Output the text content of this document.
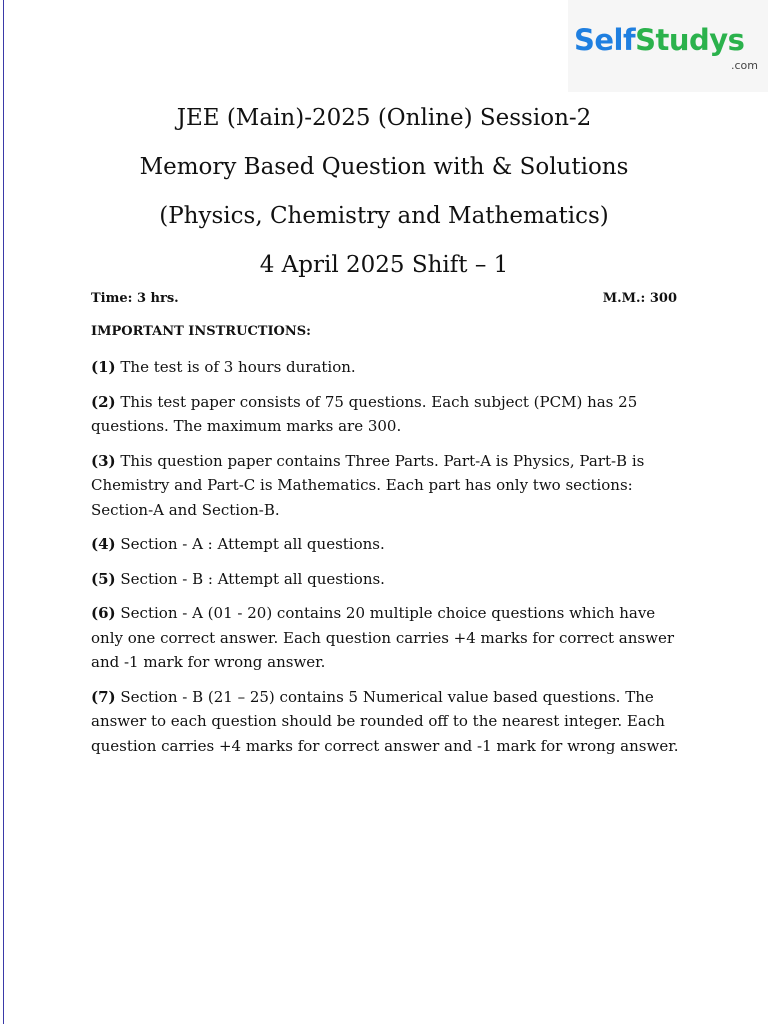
SelfStudys
.com
JEE (Main)-2025 (Online) Session-2
Memory Based Question with & Solutions
(Physics, Chemistry and Mathematics)
4 April 2025 Shift – 1
Time: 3 hrs.	M.M.: 300
IMPORTANT INSTRUCTIONS:
(1) The test is of 3 hours duration.
(2) This test paper consists of 75 questions. Each subject (PCM) has 25 questions. The maximum marks are 300.
(3) This question paper contains Three Parts. Part-A is Physics, Part-B is Chemistry and Part-C is Mathematics. Each part has only two sections: Section-A and Section-B.
(4) Section - A : Attempt all questions.
(5) Section - B : Attempt all questions.
(6) Section - A (01 - 20) contains 20 multiple choice questions which have only one correct answer. Each question carries +4 marks for correct answer and -1 mark for wrong answer.
(7) Section - B (21 – 25) contains 5 Numerical value based questions. The answer to each question should be rounded off to the nearest integer. Each question carries +4 marks for correct answer and -1 mark for wrong answer.
